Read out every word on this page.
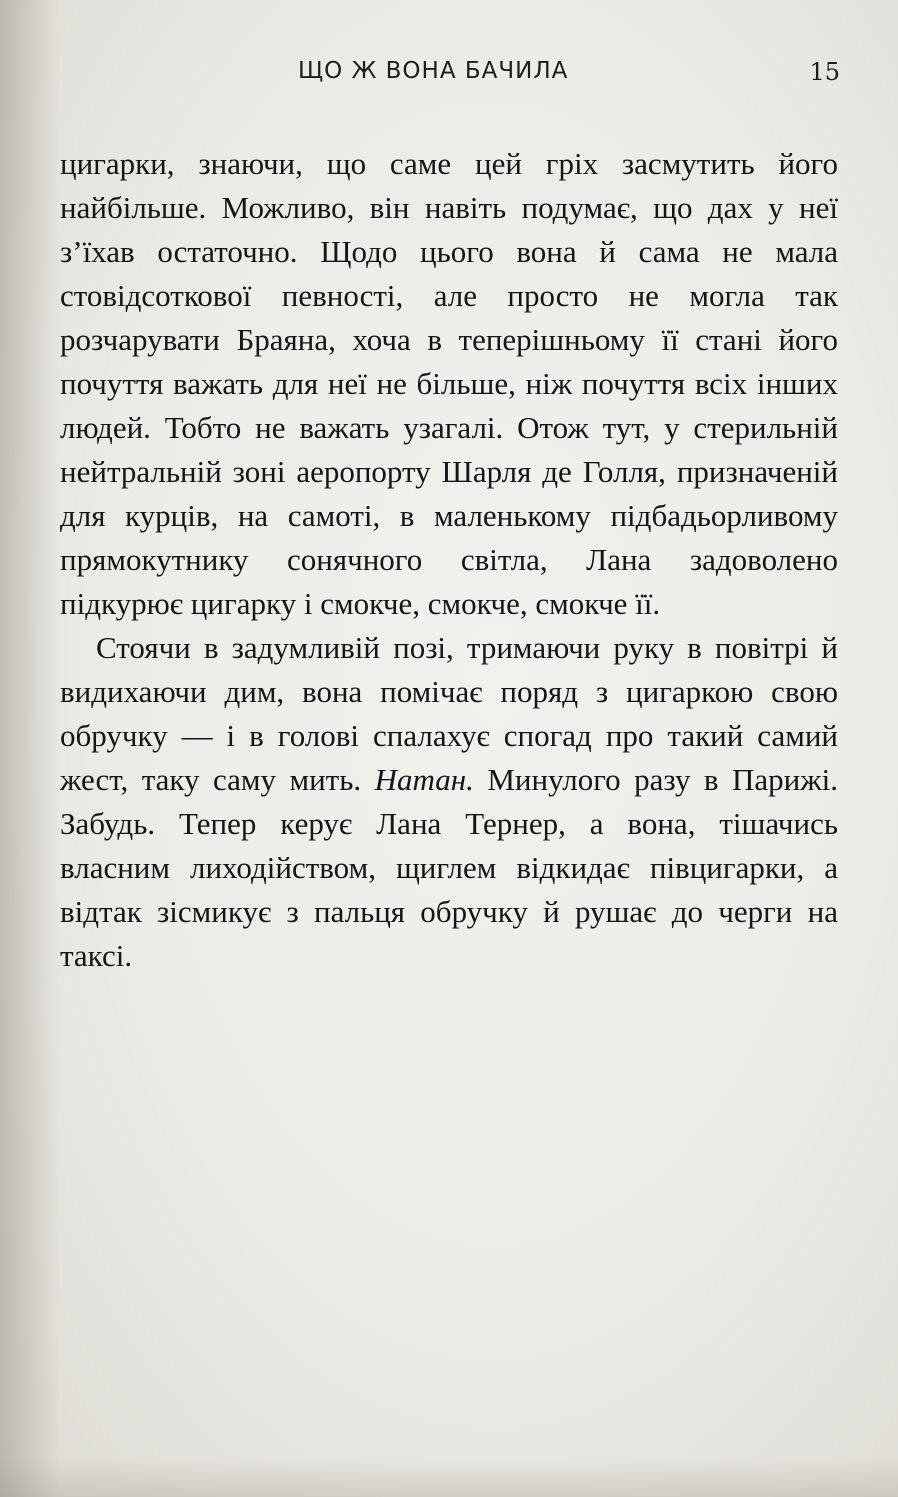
ЩО Ж ВОНА БАЧИЛА	15

цигарки, знаючи, що саме цей гріх засмутить його найбільше. Можливо, він навіть подумає, що дах у неї з’їхав остаточно. Щодо цього вона й сама не мала стовідсоткової певності, але просто не могла так розчарувати Браяна, хоча в теперішньому її стані його почуття важать для неї не більше, ніж почуття всіх інших людей. Тобто не важать узагалі. Отож тут, у стерильній нейтральній зоні аеропорту Шарля де Голля, призначеній для курців, на самоті, в маленькому підбадьорливому прямокутнику сонячного світла, Лана задоволено підкурює цигарку і смокче, смокче, смокче її.

Стоячи в задумливій позі, тримаючи руку в повітрі й видихаючи дим, вона помічає поряд з цигаркою свою обручку — і в голові спалахує спогад про такий самий жест, таку саму мить. Натан. Минулого разу в Парижі. Забудь. Тепер керує Лана Тернер, а вона, тішачись власним лиходійством, щиглем відкидає півцигарки, а відтак зісмикує з пальця обручку й рушає до черги на таксі.
